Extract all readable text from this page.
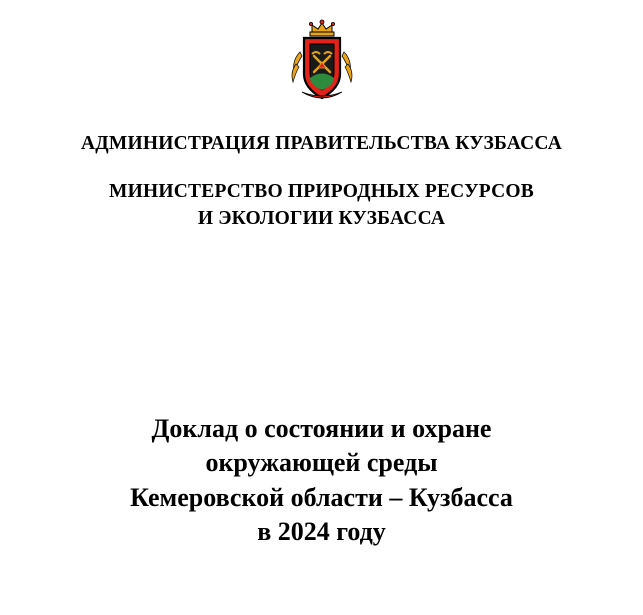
АДМИНИСТРАЦИЯ ПРАВИТЕЛЬСТВА КУЗБАССА
МИНИСТЕРСТВО ПРИРОДНЫХ РЕСУРСОВ
И ЭКОЛОГИИ КУЗБАССА
Доклад о состоянии и охране
окружающей среды
Кемеровской области – Кузбасса
в 2024 году
